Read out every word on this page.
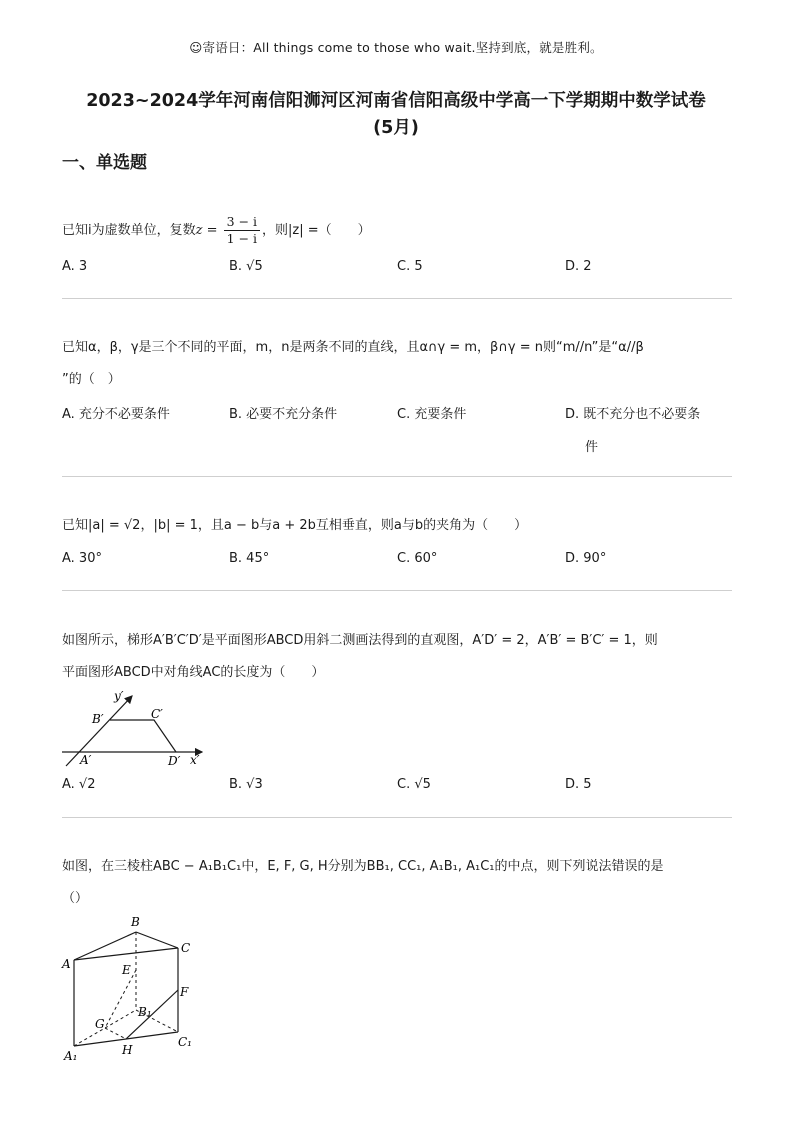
☺寄语日：All things come to those who wait.坚持到底，就是胜利。
2023~2024学年河南信阳浉河区河南省信阳高级中学高一下学期期中数学试卷
(5月)
一、单选题
已知i为虚数单位，复数$z = \frac{3 - i}{1 - i}$ ，则|z| =（　　）
A. 3	B. √5	C. 5	D. 2
已知α，β，γ是三个不同的平面，m，n是两条不同的直线，且α∩γ = m，β∩γ = n则“m//n”是“α//β
”的（　）
A. 充分不必要条件	B. 必要不充分条件	C. 充要条件	D. 既不充分也不必要条
件
已知|a| = √2，|b| = 1，且a − b与a + 2b互相垂直，则a与b的夹角为（　　）
A. 30°	B. 45°	C. 60°	D. 90°
如图所示，梯形A′B′C′D′是平面图形ABCD用斜二测画法得到的直观图，A′D′ = 2，A′B′ = B′C′ = 1，则
平面图形ABCD中对角线AC的长度为（　　）
y′
B′	C′
A′	D′ x′
A. √2	B. √3	C. √5	D. 5
如图，在三棱柱ABC − A₁B₁C₁中，E, F, G, H分别为BB₁, CC₁, A₁B₁, A₁C₁的中点，则下列说法错误的是
（）
B
C
A	E
F
B₁
G
A₁	H
C₁
